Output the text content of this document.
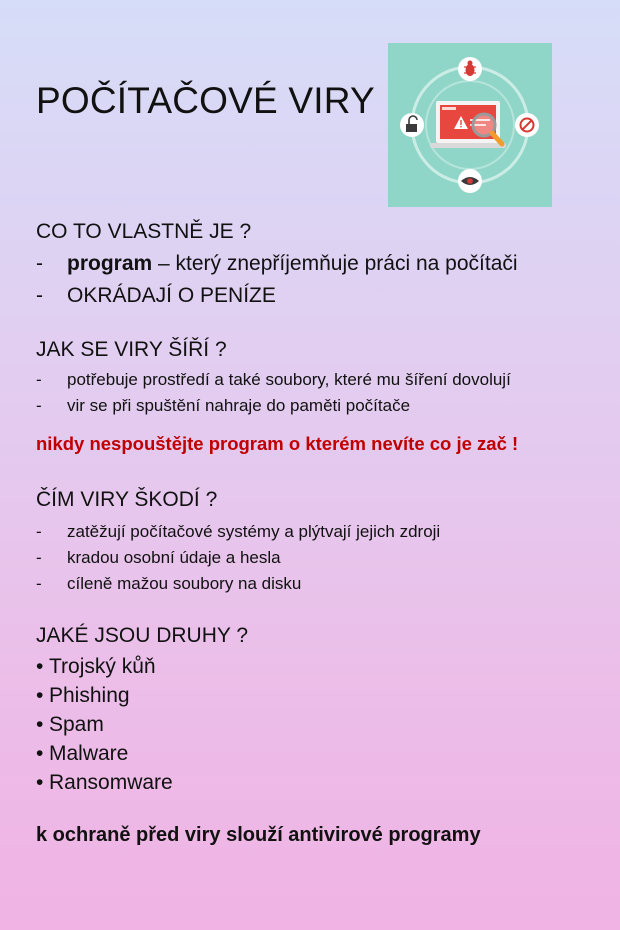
POČÍTAČOVÉ VIRY
CO TO VLASTNĚ JE ?
-	program – který znepříjemňuje práci na počítači
-	OKRÁDAJÍ O PENÍZE
JAK SE VIRY ŠÍŘÍ ?
-	potřebuje prostředí a také soubory, které mu šíření dovolují
-	vir se při spuštění nahraje do paměti počítače
nikdy nespouštějte program o kterém nevíte co je zač !
ČÍM VIRY ŠKODÍ ?
-	zatěžují počítačové systémy a plýtvají jejich zdroji
-	kradou osobní údaje a hesla
-	cíleně mažou soubory na disku
JAKÉ JSOU DRUHY ?
• Trojský kůň
• Phishing
• Spam
• Malware
• Ransomware
k ochraně před viry slouží antivirové programy
